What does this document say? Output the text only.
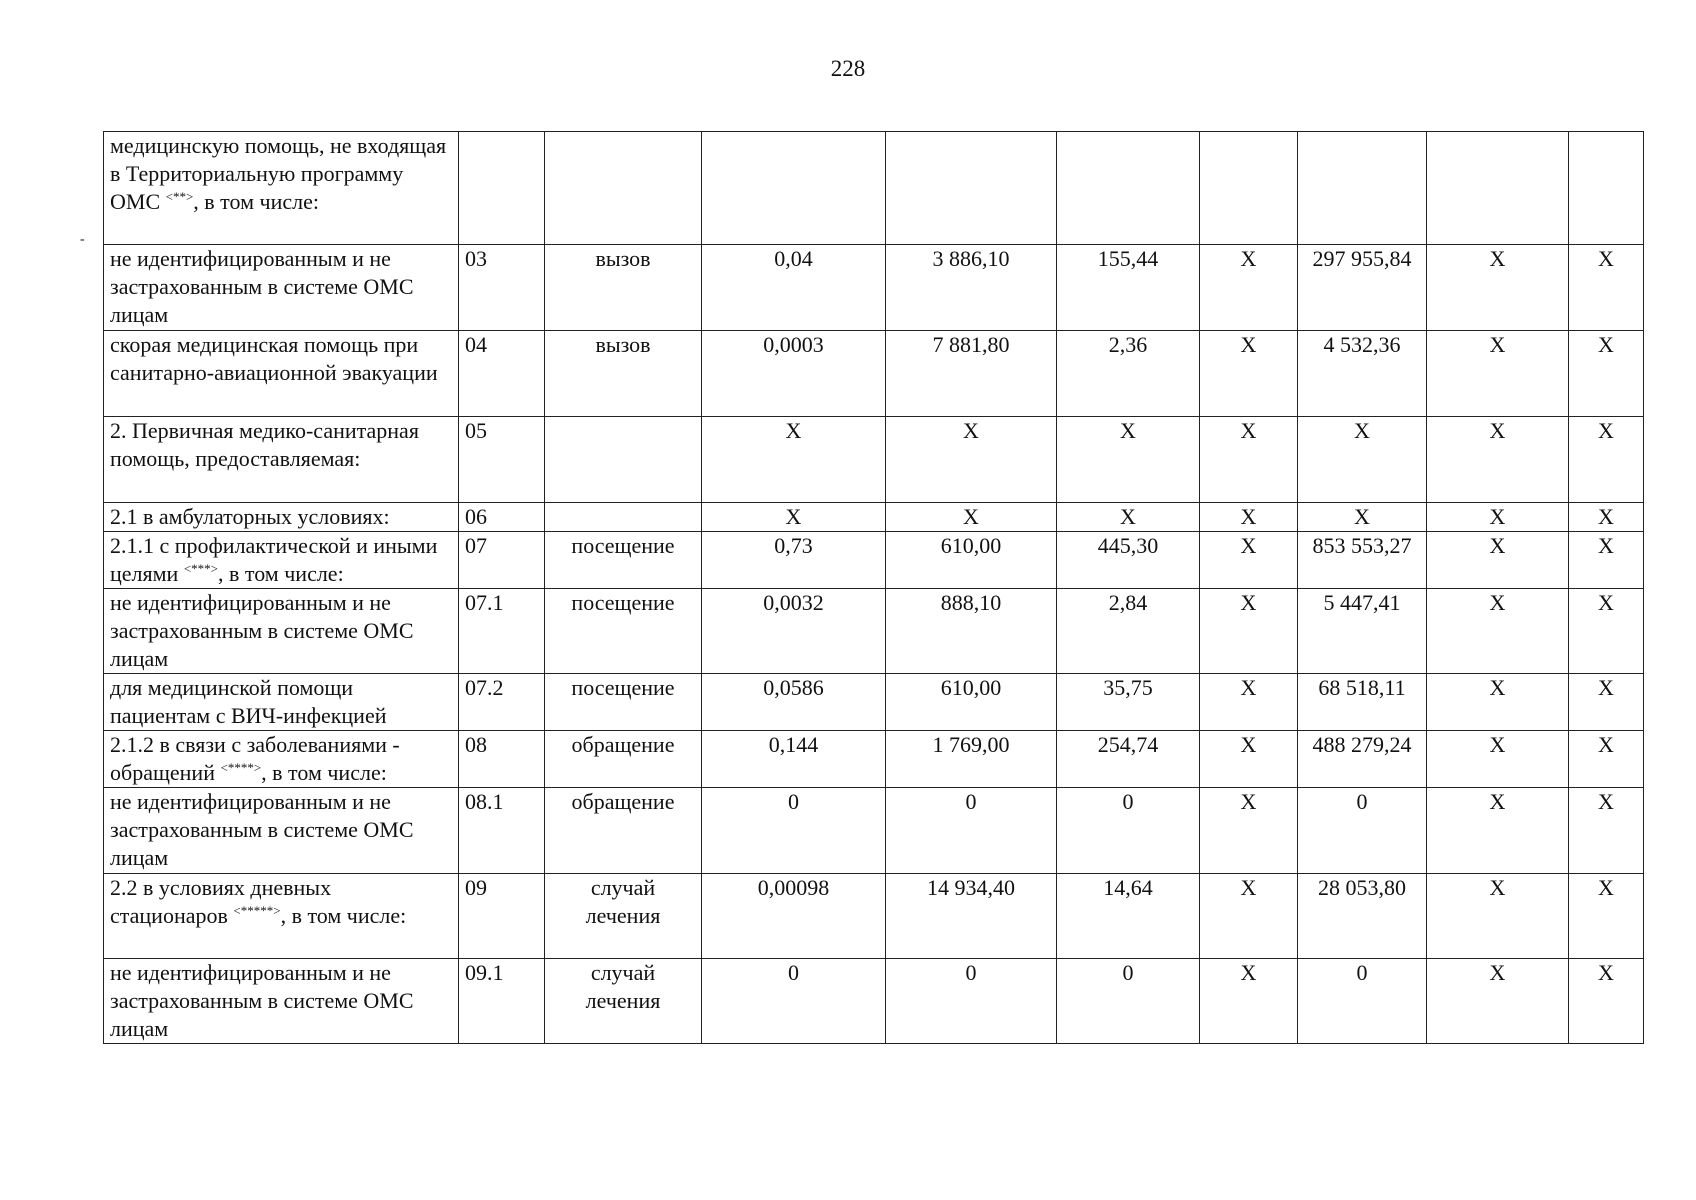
228
-
медицинскую помощь, не входящая в Территориальную программу ОМС <**>, в том числе:									
не идентифицированным и не застрахованным в системе ОМС лицам	03	вызов	0,04	3 886,10	155,44	X	297 955,84	X	X
скорая медицинская помощь при санитарно-авиационной эвакуации	04	вызов	0,0003	7 881,80	2,36	X	4 532,36	X	X
2. Первичная медико-санитарная помощь, предоставляемая:	05		X	X	X	X	X	X	X
2.1 в амбулаторных условиях:	06		X	X	X	X	X	X	X
2.1.1 с профилактической и иными целями <***>, в том числе:	07	посещение	0,73	610,00	445,30	X	853 553,27	X	X
не идентифицированным и не застрахованным в системе ОМС лицам	07.1	посещение	0,0032	888,10	2,84	X	5 447,41	X	X
для медицинской помощи пациентам с ВИЧ-инфекцией	07.2	посещение	0,0586	610,00	35,75	X	68 518,11	X	X
2.1.2 в связи с заболеваниями - обращений <****>, в том числе:	08	обращение	0,144	1 769,00	254,74	X	488 279,24	X	X
не идентифицированным и не застрахованным в системе ОМС лицам	08.1	обращение	0	0	0	X	0	X	X
2.2 в условиях дневных стационаров <*****>, в том числе:	09	случай лечения	0,00098	14 934,40	14,64	X	28 053,80	X	X
не идентифицированным и не застрахованным в системе ОМС лицам	09.1	случай лечения	0	0	0	X	0	X	X
